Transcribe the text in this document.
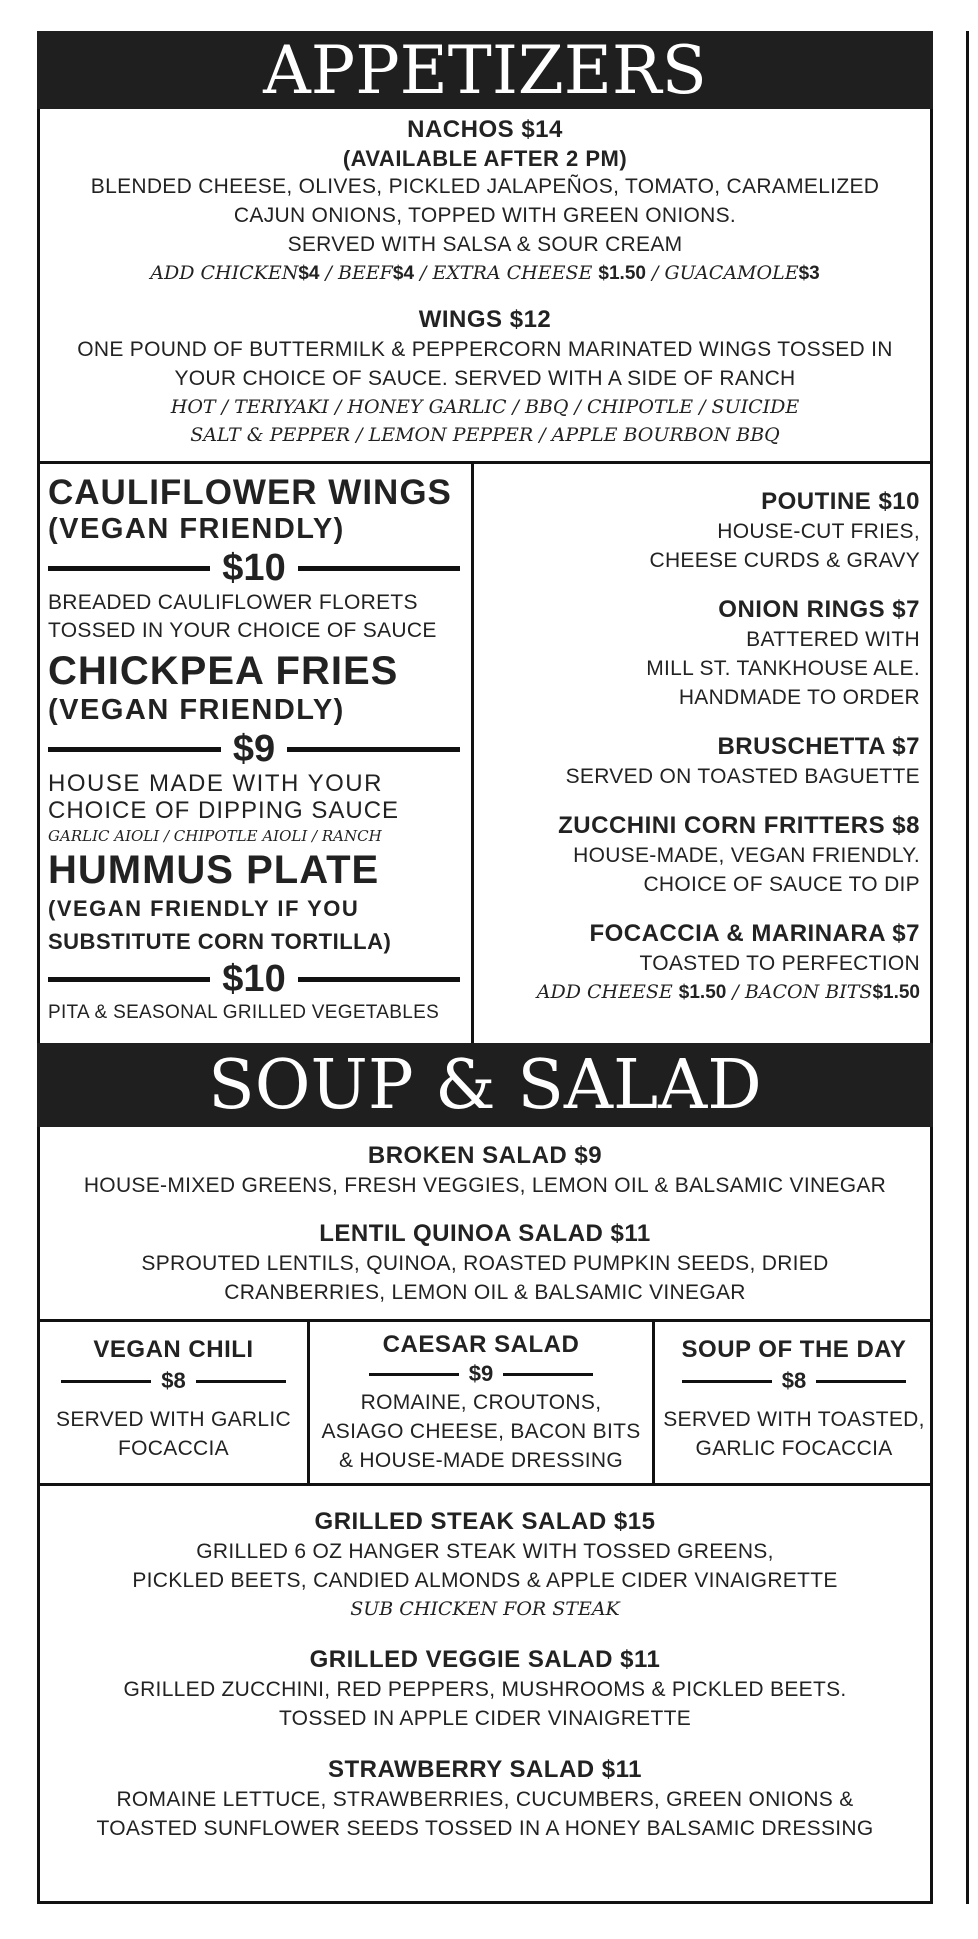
APPETIZERS
NACHOS $14
(AVAILABLE AFTER 2 PM)
BLENDED CHEESE, OLIVES, PICKLED JALAPEÑOS, TOMATO, CARAMELIZED
CAJUN ONIONS, TOPPED WITH GREEN ONIONS.
SERVED WITH SALSA & SOUR CREAM
ADD CHICKEN$4 / BEEF$4 / EXTRA CHEESE $1.50 / GUACAMOLE$3
WINGS $12
ONE POUND OF BUTTERMILK & PEPPERCORN MARINATED WINGS TOSSED IN
YOUR CHOICE OF SAUCE. SERVED WITH A SIDE OF RANCH
HOT / TERIYAKI / HONEY GARLIC / BBQ / CHIPOTLE / SUICIDE
SALT & PEPPER / LEMON PEPPER / APPLE BOURBON BBQ
CAULIFLOWER WINGS
(VEGAN FRIENDLY)
$10
BREADED CAULIFLOWER FLORETS
TOSSED IN YOUR CHOICE OF SAUCE
CHICKPEA FRIES
(VEGAN FRIENDLY)
$9
HOUSE MADE WITH YOUR
CHOICE OF DIPPING SAUCE
GARLIC AIOLI / CHIPOTLE AIOLI / RANCH
HUMMUS PLATE
(VEGAN FRIENDLY IF YOU
SUBSTITUTE CORN TORTILLA)
$10
PITA & SEASONAL GRILLED VEGETABLES
POUTINE $10
HOUSE-CUT FRIES,
CHEESE CURDS & GRAVY
ONION RINGS $7
BATTERED WITH
MILL ST. TANKHOUSE ALE.
HANDMADE TO ORDER
BRUSCHETTA $7
SERVED ON TOASTED BAGUETTE
ZUCCHINI CORN FRITTERS $8
HOUSE-MADE, VEGAN FRIENDLY.
CHOICE OF SAUCE TO DIP
FOCACCIA & MARINARA $7
TOASTED TO PERFECTION
ADD CHEESE $1.50 / BACON BITS$1.50
SOUP & SALAD
BROKEN SALAD $9
HOUSE-MIXED GREENS, FRESH VEGGIES, LEMON OIL & BALSAMIC VINEGAR
LENTIL QUINOA SALAD $11
SPROUTED LENTILS, QUINOA, ROASTED PUMPKIN SEEDS, DRIED
CRANBERRIES, LEMON OIL & BALSAMIC VINEGAR
VEGAN CHILI
$8
SERVED WITH GARLIC
FOCACCIA
CAESAR SALAD
$9
ROMAINE, CROUTONS,
ASIAGO CHEESE, BACON BITS
& HOUSE-MADE DRESSING
SOUP OF THE DAY
$8
SERVED WITH TOASTED,
GARLIC FOCACCIA
GRILLED STEAK SALAD $15
GRILLED 6 OZ HANGER STEAK WITH TOSSED GREENS,
PICKLED BEETS, CANDIED ALMONDS & APPLE CIDER VINAIGRETTE
SUB CHICKEN FOR STEAK
GRILLED VEGGIE SALAD $11
GRILLED ZUCCHINI, RED PEPPERS, MUSHROOMS & PICKLED BEETS.
TOSSED IN APPLE CIDER VINAIGRETTE
STRAWBERRY SALAD $11
ROMAINE LETTUCE, STRAWBERRIES, CUCUMBERS, GREEN ONIONS &
TOASTED SUNFLOWER SEEDS TOSSED IN A HONEY BALSAMIC DRESSING
